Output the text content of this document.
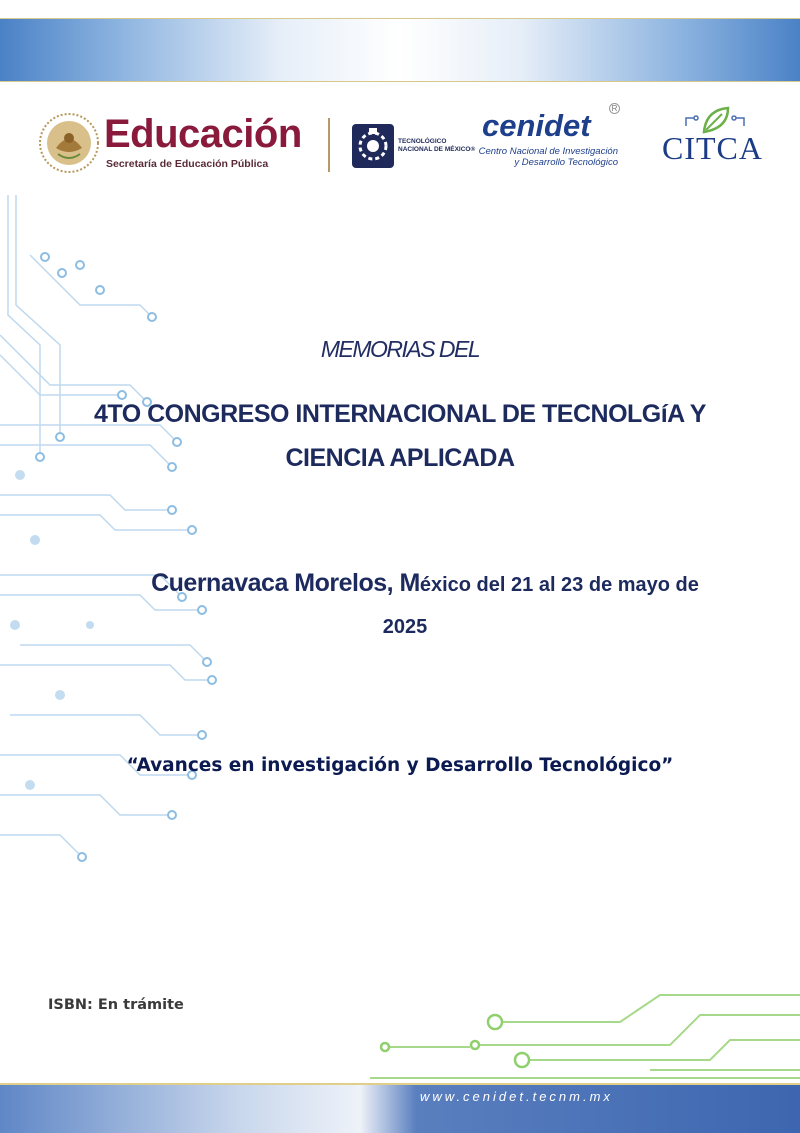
Educación
Secretaría de Educación Pública
TECNOLÓGICO
NACIONAL DE MÉXICO®
cenidet	R
Centro Nacional de Investigación
y Desarrollo Tecnológico CITCA
MEMORIAS DEL
4TO CONGRESO INTERNACIONAL DE TECNOLGíA Y
CIENCIA APLICADA
Cuernavaca Morelos, México del 21 al 23 de mayo de
2025
“Avances en investigación y Desarrollo Tecnológico”
ISBN: En trámite
www.cenidet.tecnm.mx
